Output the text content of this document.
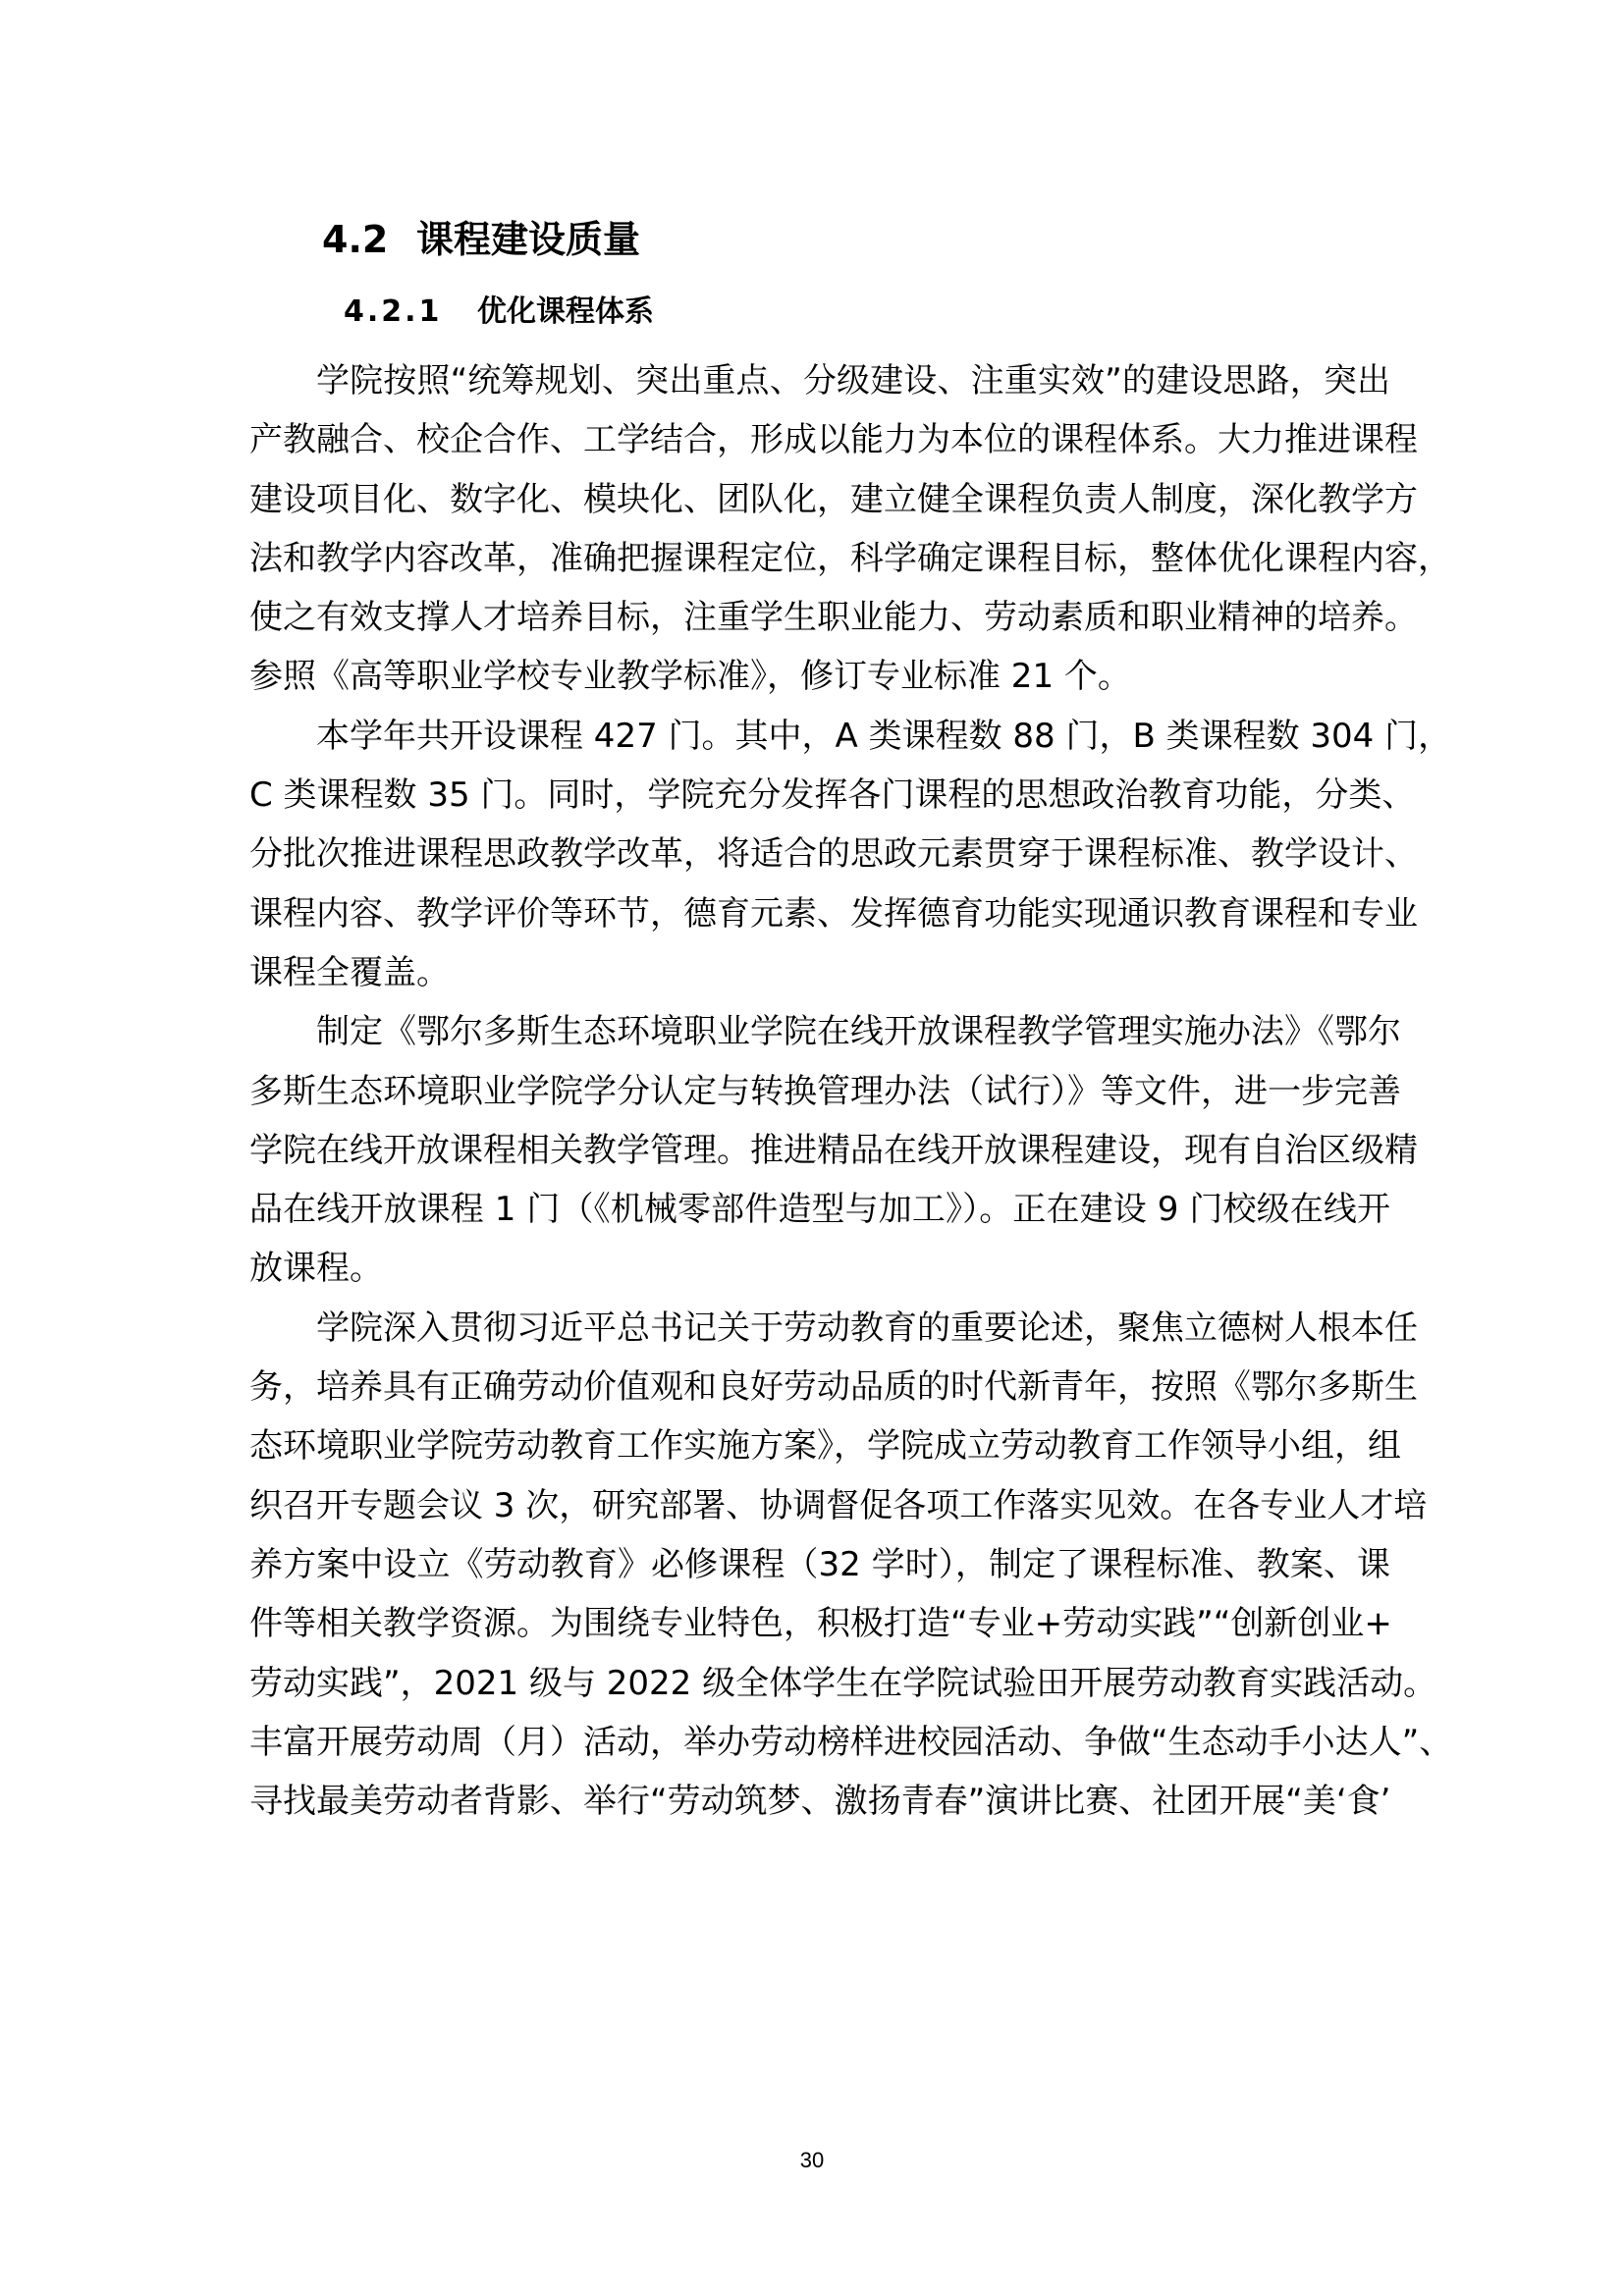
4.2 课程建设质量
4.2.1 优化课程体系
学院按照“统筹规划、突出重点、分级建设、注重实效”的建设思路，突出
产教融合、校企合作、工学结合，形成以能力为本位的课程体系。大力推进课程
建设项目化、数字化、模块化、团队化，建立健全课程负责人制度，深化教学方
法和教学内容改革，准确把握课程定位，科学确定课程目标，整体优化课程内容，
使之有效支撑人才培养目标，注重学生职业能力、劳动素质和职业精神的培养。
参照《高等职业学校专业教学标准》，修订专业标准 21 个。
本学年共开设课程 427 门。其中，A 类课程数 88 门，B 类课程数 304 门，
C 类课程数 35 门。同时，学院充分发挥各门课程的思想政治教育功能，分类、
分批次推进课程思政教学改革，将适合的思政元素贯穿于课程标准、教学设计、
课程内容、教学评价等环节，德育元素、发挥德育功能实现通识教育课程和专业
课程全覆盖。
制定《鄂尔多斯生态环境职业学院在线开放课程教学管理实施办法》《鄂尔
多斯生态环境职业学院学分认定与转换管理办法（试行）》等文件，进一步完善
学院在线开放课程相关教学管理。推进精品在线开放课程建设，现有自治区级精
品在线开放课程 1 门（《机械零部件造型与加工》）。正在建设 9 门校级在线开
放课程。
学院深入贯彻习近平总书记关于劳动教育的重要论述，聚焦立德树人根本任
务，培养具有正确劳动价值观和良好劳动品质的时代新青年，按照《鄂尔多斯生
态环境职业学院劳动教育工作实施方案》，学院成立劳动教育工作领导小组，组
织召开专题会议 3 次，研究部署、协调督促各项工作落实见效。在各专业人才培
养方案中设立《劳动教育》必修课程（32 学时），制定了课程标准、教案、课
件等相关教学资源。为围绕专业特色，积极打造“专业+劳动实践”“创新创业+
劳动实践”，2021 级与 2022 级全体学生在学院试验田开展劳动教育实践活动。
丰富开展劳动周（月）活动，举办劳动榜样进校园活动、争做“生态动手小达人”、
寻找最美劳动者背影、举行“劳动筑梦、激扬青春”演讲比赛、社团开展“美‘食’
30
